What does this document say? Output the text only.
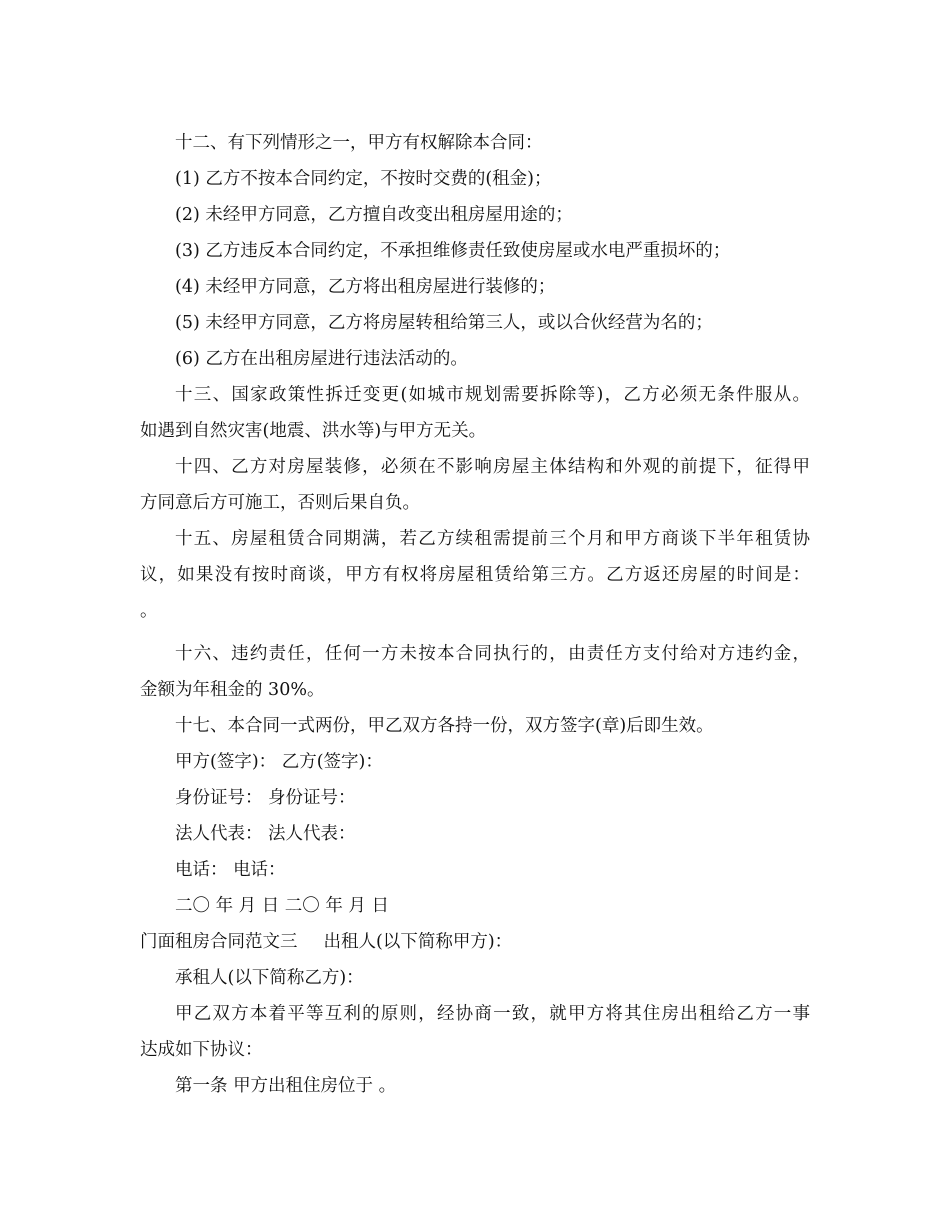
十二、有下列情形之一，甲方有权解除本合同：
(1) 乙方不按本合同约定，不按时交费的(租金)；
(2) 未经甲方同意，乙方擅自改变出租房屋用途的；
(3) 乙方违反本合同约定，不承担维修责任致使房屋或水电严重损坏的；
(4) 未经甲方同意，乙方将出租房屋进行装修的；
(5) 未经甲方同意，乙方将房屋转租给第三人，或以合伙经营为名的；
(6) 乙方在出租房屋进行违法活动的。
十三、国家政策性拆迁变更(如城市规划需要拆除等)，乙方必须无条件服从。
如遇到自然灾害(地震、洪水等)与甲方无关。
十四、乙方对房屋装修，必须在不影响房屋主体结构和外观的前提下，征得甲
方同意后方可施工，否则后果自负。
十五、房屋租赁合同期满，若乙方续租需提前三个月和甲方商谈下半年租赁协
议，如果没有按时商谈，甲方有权将房屋租赁给第三方。乙方返还房屋的时间是：
。
十六、违约责任，任何一方未按本合同执行的，由责任方支付给对方违约金，
金额为年租金的 30%。
十七、本合同一式两份，甲乙双方各持一份，双方签字(章)后即生效。
甲方(签字)： 乙方(签字)：
身份证号： 身份证号：
法人代表： 法人代表：
电话： 电话：
二〇 年 月 日 二〇 年 月 日
门面租房合同范文三 出租人(以下简称甲方)：
承租人(以下简称乙方)：
甲乙双方本着平等互利的原则，经协商一致，就甲方将其住房出租给乙方一事
达成如下协议：
第一条 甲方出租住房位于 。
